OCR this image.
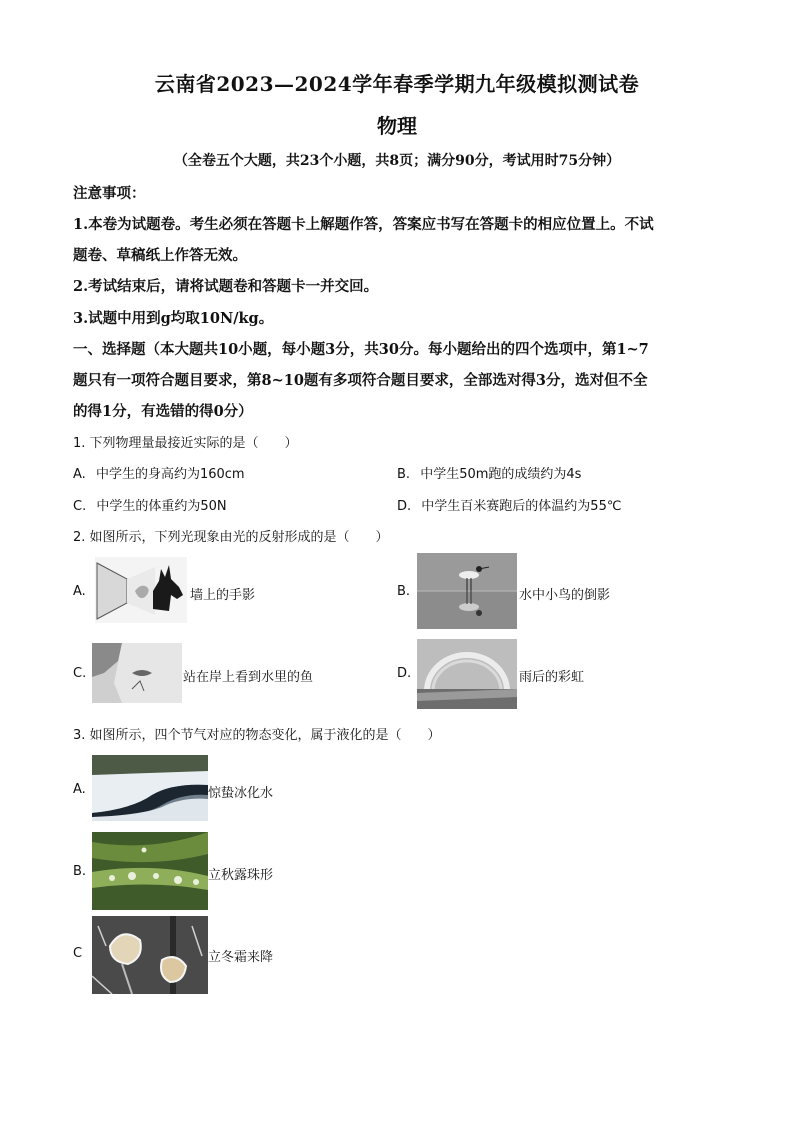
云南省2023—2024学年春季学期九年级模拟测试卷
物理
（全卷五个大题，共23个小题，共8页；满分90分，考试用时75分钟）
注意事项：
1.本卷为试题卷。考生必须在答题卡上解题作答，答案应书写在答题卡的相应位置上。不试
题卷、草稿纸上作答无效。
2.考试结束后，请将试题卷和答题卡一并交回。
3.试题中用到g均取10N/kg。
一、选择题（本大题共10小题，每小题3分，共30分。每小题给出的四个选项中，第1~7
题只有一项符合题目要求，第8~10题有多项符合题目要求，全部选对得3分，选对但不全
的得1分，有选错的得0分）
1. 下列物理量最接近实际的是（　　）
A. 中学生的身高约为160cm	B. 中学生50m跑的成绩约为4s
C. 中学生的体重约为50N	D. 中学生百米赛跑后的体温约为55℃
2. 如图所示，下列光现象由光的反射形成的是（　　）
A.	墙上的手影	B.	水中小鸟的倒影
C.	站在岸上看到水里的鱼	D.	雨后的彩虹
3. 如图所示，四个节气对应的物态变化，属于液化的是（　　）
A.	惊蛰冰化水
B.	立秋露珠形
C	立冬霜来降
